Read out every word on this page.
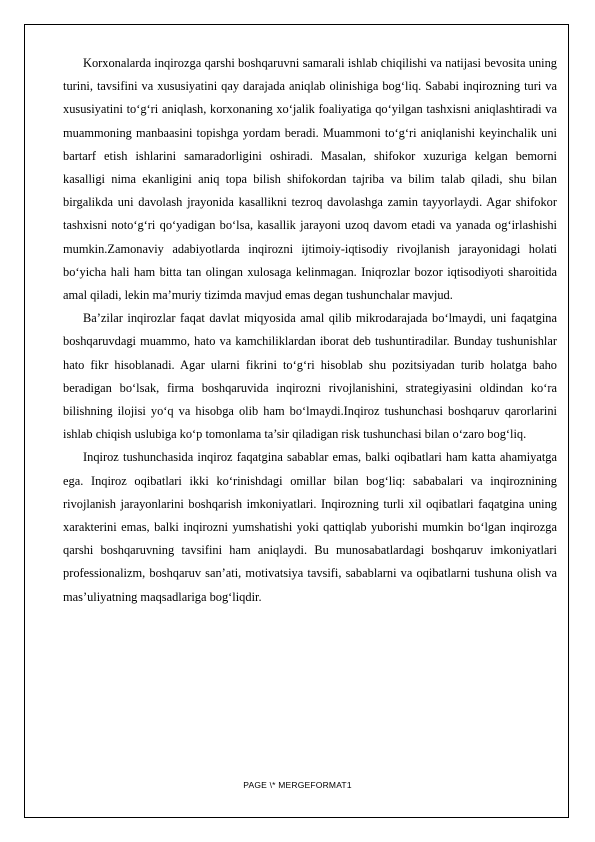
Korxonalarda inqirozga qarshi boshqaruvni samarali ishlab chiqilishi va natijasi bevosita uning turini, tavsifini va xususiyatini qay darajada aniqlab olinishiga bog‘liq. Sababi inqirozning turi va xususiyatini to‘g‘ri aniqlash, korxonaning xo‘jalik foaliyatiga qo‘yilgan tashxisni aniqlashtiradi va muammoning manbaasini topishga yordam beradi. Muammoni to‘g‘ri aniqlanishi keyinchalik uni bartarf etish ishlarini samaradorligini oshiradi. Masalan, shifokor xuzuriga kelgan bemorni kasalligi nima ekanligini aniq topa bilish shifokordan tajriba va bilim talab qiladi, shu bilan birgalikda uni davolash jrayonida kasallikni tezroq davolashga zamin tayyorlaydi. Agar shifokor tashxisni noto‘g‘ri qo‘yadigan bo‘lsa, kasallik jarayoni uzoq davom etadi va yanada og‘irlashishi mumkin.Zamonaviy adabiyotlarda inqirozni ijtimoiy-iqtisodiy rivojlanish jarayonidagi holati bo‘yicha hali ham bitta tan olingan xulosaga kelinmagan. Iniqrozlar bozor iqtisodiyoti sharoitida amal qiladi, lekin ma’muriy tizimda mavjud emas degan tushunchalar mavjud.

Ba’zilar inqirozlar faqat davlat miqyosida amal qilib mikrodarajada bo‘lmaydi, uni faqatgina boshqaruvdagi muammo, hato va kamchiliklardan iborat deb tushuntiradilar. Bunday tushunishlar hato fikr hisoblanadi. Agar ularni fikrini to‘g‘ri hisoblab shu pozitsiyadan turib holatga baho beradigan bo‘lsak, firma boshqaruvida inqirozni rivojlanishini, strategiyasini oldindan ko‘ra bilishning ilojisi yo‘q va hisobga olib ham bo‘lmaydi.Inqiroz tushunchasi boshqaruv qarorlarini ishlab chiqish uslubiga ko‘p tomonlama ta’sir qiladigan risk tushunchasi bilan o‘zaro bog‘liq.

Inqiroz tushunchasida inqiroz faqatgina sabablar emas, balki oqibatlari ham katta ahamiyatga ega. Inqiroz oqibatlari ikki ko‘rinishdagi omillar bilan bog‘liq: sababalari va inqiroznining rivojlanish jarayonlarini boshqarish imkoniyatlari. Inqirozning turli xil oqibatlari faqatgina uning xarakterini emas, balki inqirozni yumshatishi yoki qattiqlab yuborishi mumkin bo‘lgan inqirozga qarshi boshqaruvning tavsifini ham aniqlaydi. Bu munosabatlardagi boshqaruv imkoniyatlari professionalizm, boshqaruv san’ati, motivatsiya tavsifi, sabablarni va oqibatlarni tushuna olish va mas’uliyatning maqsadlariga bog‘liqdir.

PAGE \* MERGEFORMAT1
